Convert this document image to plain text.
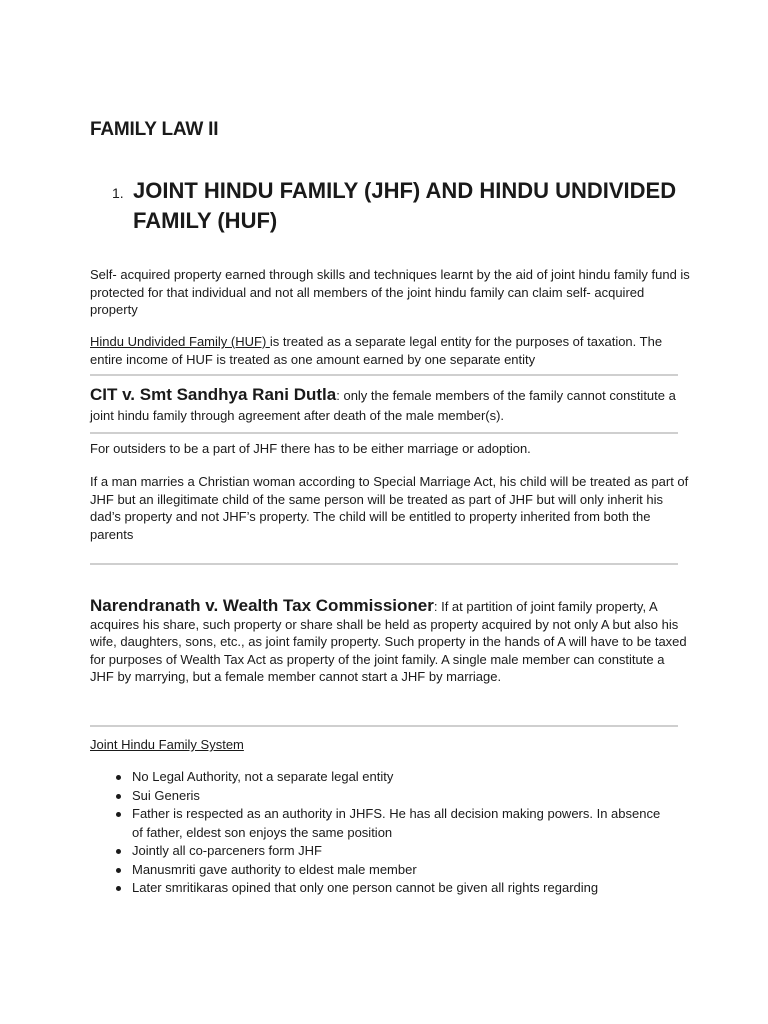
FAMILY LAW II
1. JOINT HINDU FAMILY (JHF) AND HINDU UNDIVIDED FAMILY (HUF)

Self- acquired property earned through skills and techniques learnt by the aid of joint hindu family fund is protected for that individual and not all members of the joint hindu family can claim self- acquired property

Hindu Undivided Family (HUF) is treated as a separate legal entity for the purposes of taxation. The entire income of HUF is treated as one amount earned by one separate entity

CIT v. Smt Sandhya Rani Dutla: only the female members of the family cannot constitute a joint hindu family through agreement after death of the male member(s).

For outsiders to be a part of JHF there has to be either marriage or adoption.

If a man marries a Christian woman according to Special Marriage Act, his child will be treated as part of JHF but an illegitimate child of the same person will be treated as part of JHF but will only inherit his dad’s property and not JHF’s property. The child will be entitled to property inherited from both the parents

Narendranath v. Wealth Tax Commissioner: If at partition of joint family property, A acquires his share, such property or share shall be held as property acquired by not only A but also his wife, daughters, sons, etc., as joint family property. Such property in the hands of A will have to be taxed for purposes of Wealth Tax Act as property of the joint family. A single male member can constitute a JHF by marrying, but a female member cannot start a JHF by marriage.

Joint Hindu Family System

No Legal Authority, not a separate legal entity
Sui Generis
Father is respected as an authority in JHFS. He has all decision making powers. In absence of father, eldest son enjoys the same position
Jointly all co-parceners form JHF
Manusmriti gave authority to eldest male member
Later smritikaras opined that only one person cannot be given all rights regarding
